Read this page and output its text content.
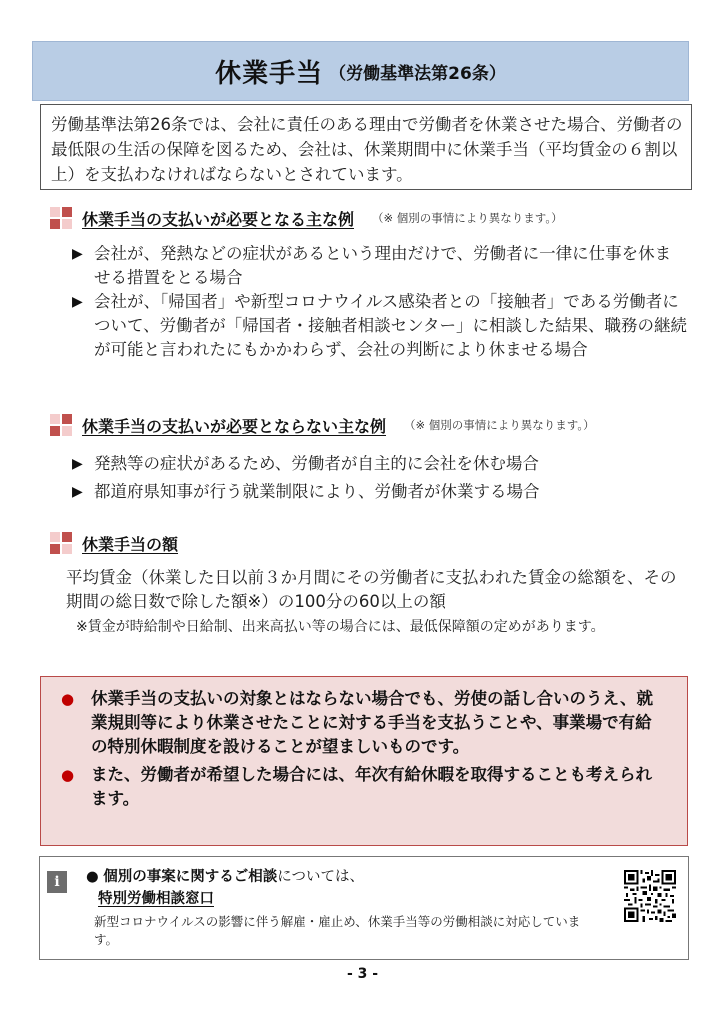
休業手当 （労働基準法第26条）
労働基準法第26条では、会社に責任のある理由で労働者を休業させた場合、労働者の最低限の生活の保障を図るため、会社は、休業期間中に休業手当（平均賃金の６割以上）を支払わなければならないとされています。
休業手当の支払いが必要となる主な例 （※ 個別の事情により異なります。）
▶ 会社が、発熱などの症状があるという理由だけで、労働者に一律に仕事を休ませる措置をとる場合
▶ 会社が、「帰国者」や新型コロナウイルス感染者との「接触者」である労働者について、労働者が「帰国者・接触者相談センター」に相談した結果、職務の継続が可能と言われたにもかかわらず、会社の判断により休ませる場合
休業手当の支払いが必要とならない主な例 （※ 個別の事情により異なります。）
▶ 発熱等の症状があるため、労働者が自主的に会社を休む場合
▶ 都道府県知事が行う就業制限により、労働者が休業する場合
休業手当の額
平均賃金（休業した日以前３か月間にその労働者に支払われた賃金の総額を、その期間の総日数で除した額※）の100分の60以上の額
※賃金が時給制や日給制、出来高払い等の場合には、最低保障額の定めがあります。
●	休業手当の支払いの対象とはならない場合でも、労使の話し合いのうえ、就業規則等により休業させたことに対する手当を支払うことや、事業場で有給の特別休暇制度を設けることが望ましいものです。
●	また、労働者が希望した場合には、年次有給休暇を取得することも考えられます。
i	● 個別の事案に関するご相談については、
特別労働相談窓口
新型コロナウイルスの影響に伴う解雇・雇止め、休業手当等の労働相談に対応しています。
- 3 -
